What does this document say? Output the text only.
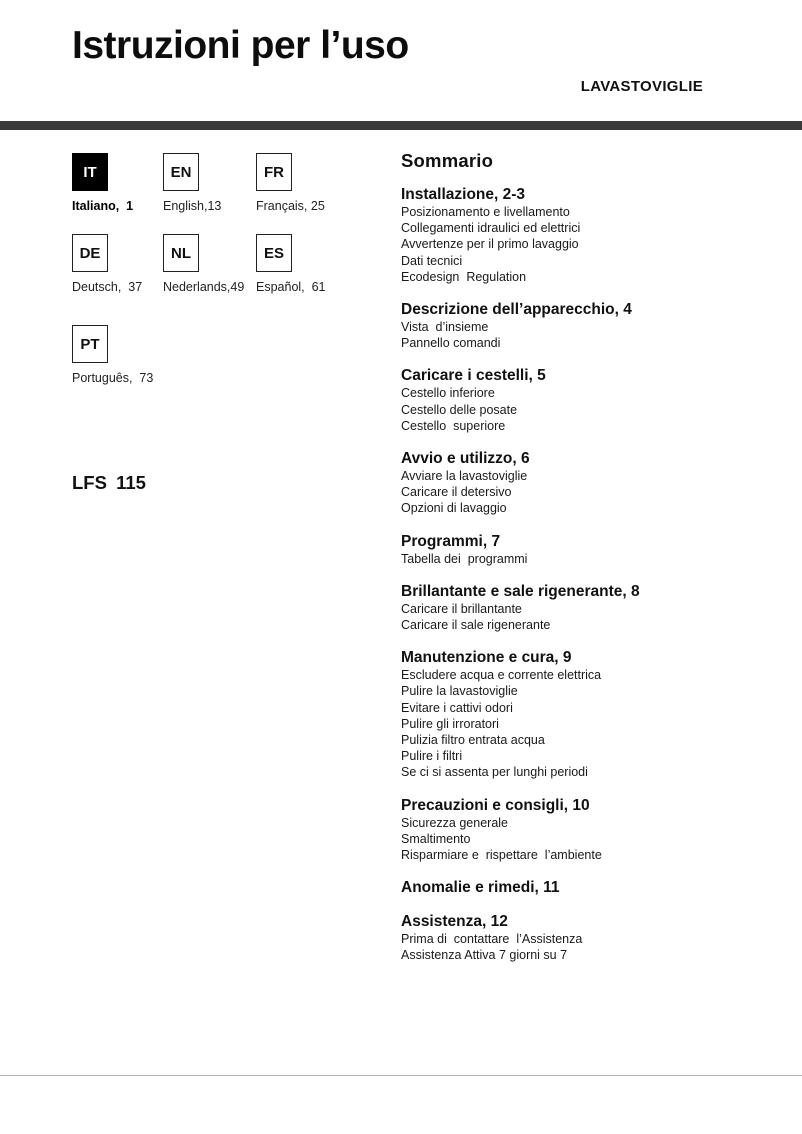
Istruzioni per l’uso
LAVASTOVIGLIE
IT
Italiano,  1
EN
English,13
FR
Français, 25
DE
Deutsch,  37
NL
Nederlands,49
ES
Español,  61
PT
Português,  73
LFS 115
Sommario
Installazione, 2-3
Posizionamento e livellamento
Collegamenti idraulici ed elettrici
Avvertenze per il primo lavaggio
Dati tecnici
Ecodesign  Regulation
Descrizione dell’apparecchio, 4
Vista  d’insieme
Pannello comandi
Caricare i cestelli, 5
Cestello inferiore
Cestello delle posate
Cestello  superiore
Avvio e utilizzo, 6
Avviare la lavastoviglie
Caricare il detersivo
Opzioni di lavaggio
Programmi, 7
Tabella dei  programmi
Brillantante e sale rigenerante, 8
Caricare il brillantante
Caricare il sale rigenerante
Manutenzione e cura, 9
Escludere acqua e corrente elettrica
Pulire la lavastoviglie
Evitare i cattivi odori
Pulire gli irroratori
Pulizia filtro entrata acqua
Pulire i filtri
Se ci si assenta per lunghi periodi
Precauzioni e consigli, 10
Sicurezza generale
Smaltimento
Risparmiare e  rispettare  l’ambiente
Anomalie e rimedi, 11
Assistenza, 12
Prima di  contattare  l’Assistenza
Assistenza Attiva 7 giorni su 7
